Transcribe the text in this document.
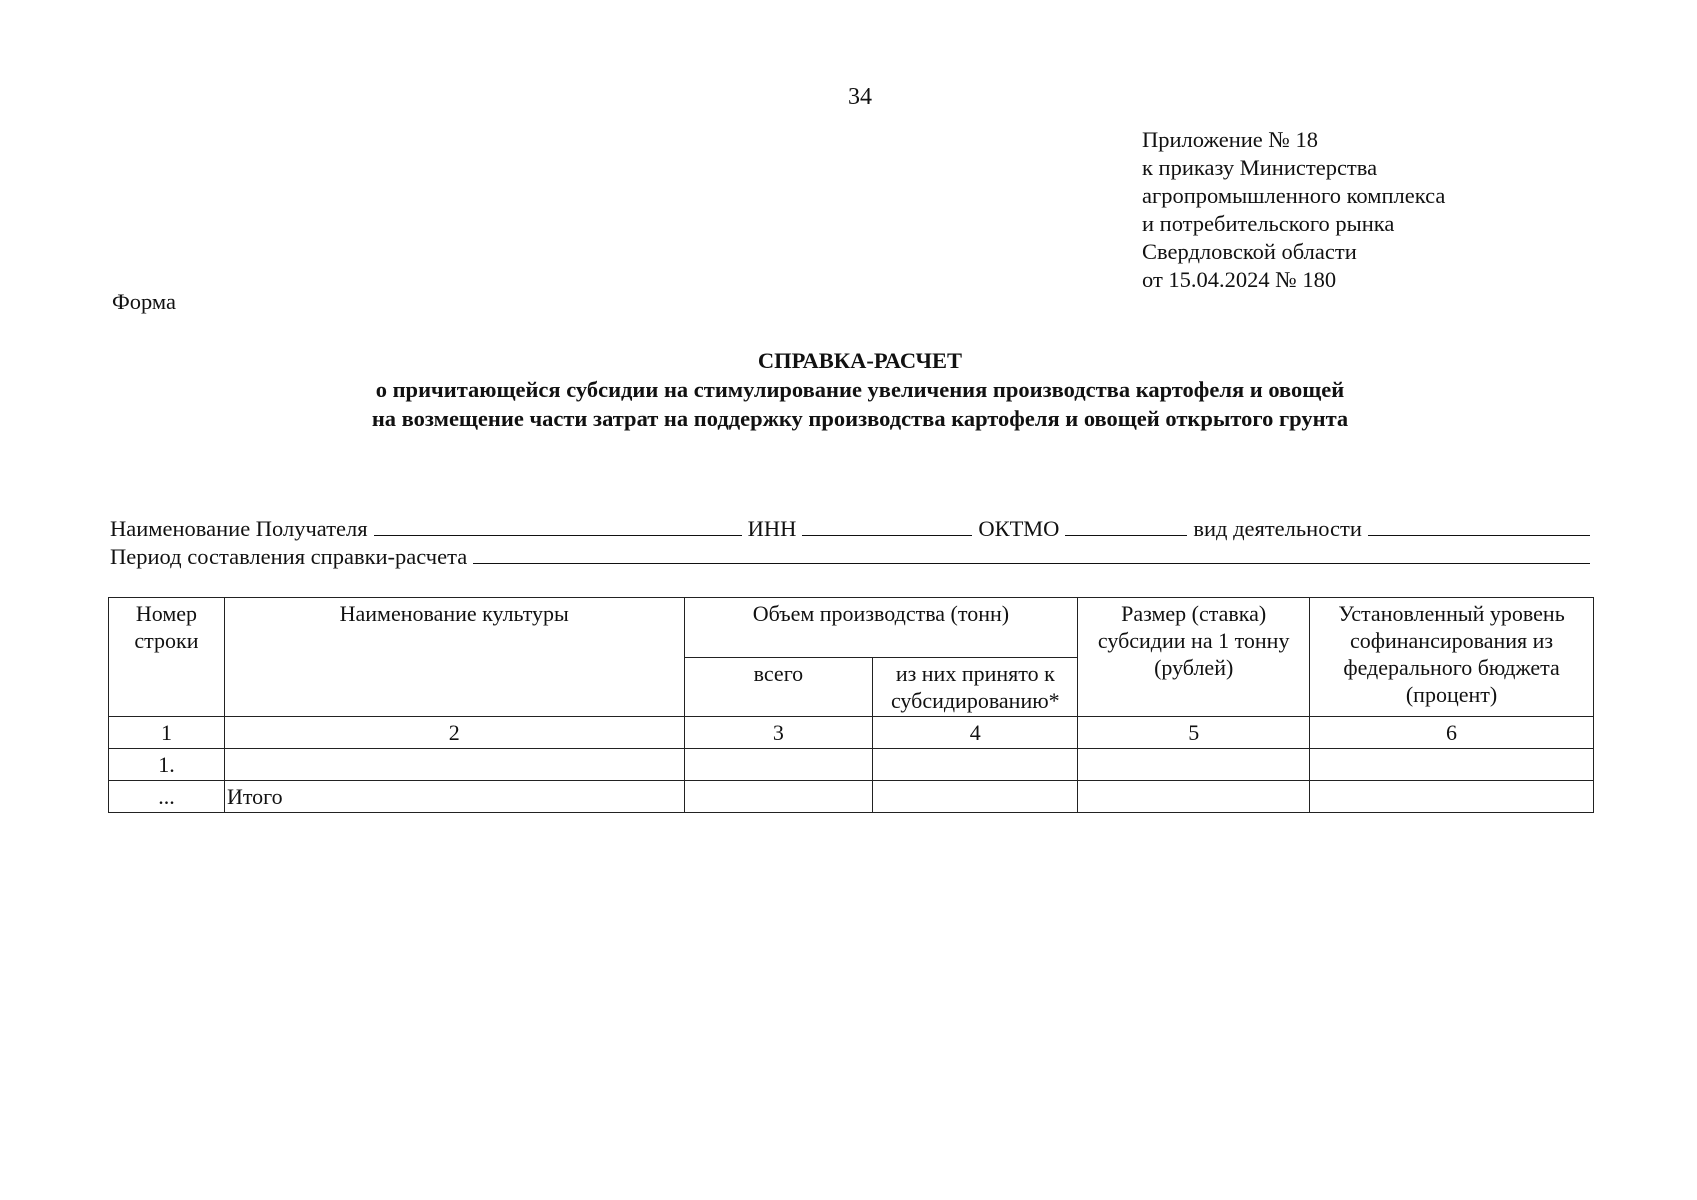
34
Приложение № 18
к приказу Министерства
агропромышленного комплекса
и потребительского рынка
Свердловской области
от 15.04.2024 № 180
Форма
СПРАВКА-РАСЧЕТ
о причитающейся субсидии на стимулирование увеличения производства картофеля и овощей
на возмещение части затрат на поддержку производства картофеля и овощей открытого грунта
Наименование Получателя	ИНН	ОКТМО	вид деятельности
Период составления справки-расчета
Номер строки	Наименование культуры	Объем производства (тонн)		Размер (ставка) субсидии на 1 тонну (рублей)	Установленный уровень софинансирования из федерального бюджета (процент)
		всего	из них принято к субсидированию*		
1	2	3	4	5	6
1.					
...	Итого				
